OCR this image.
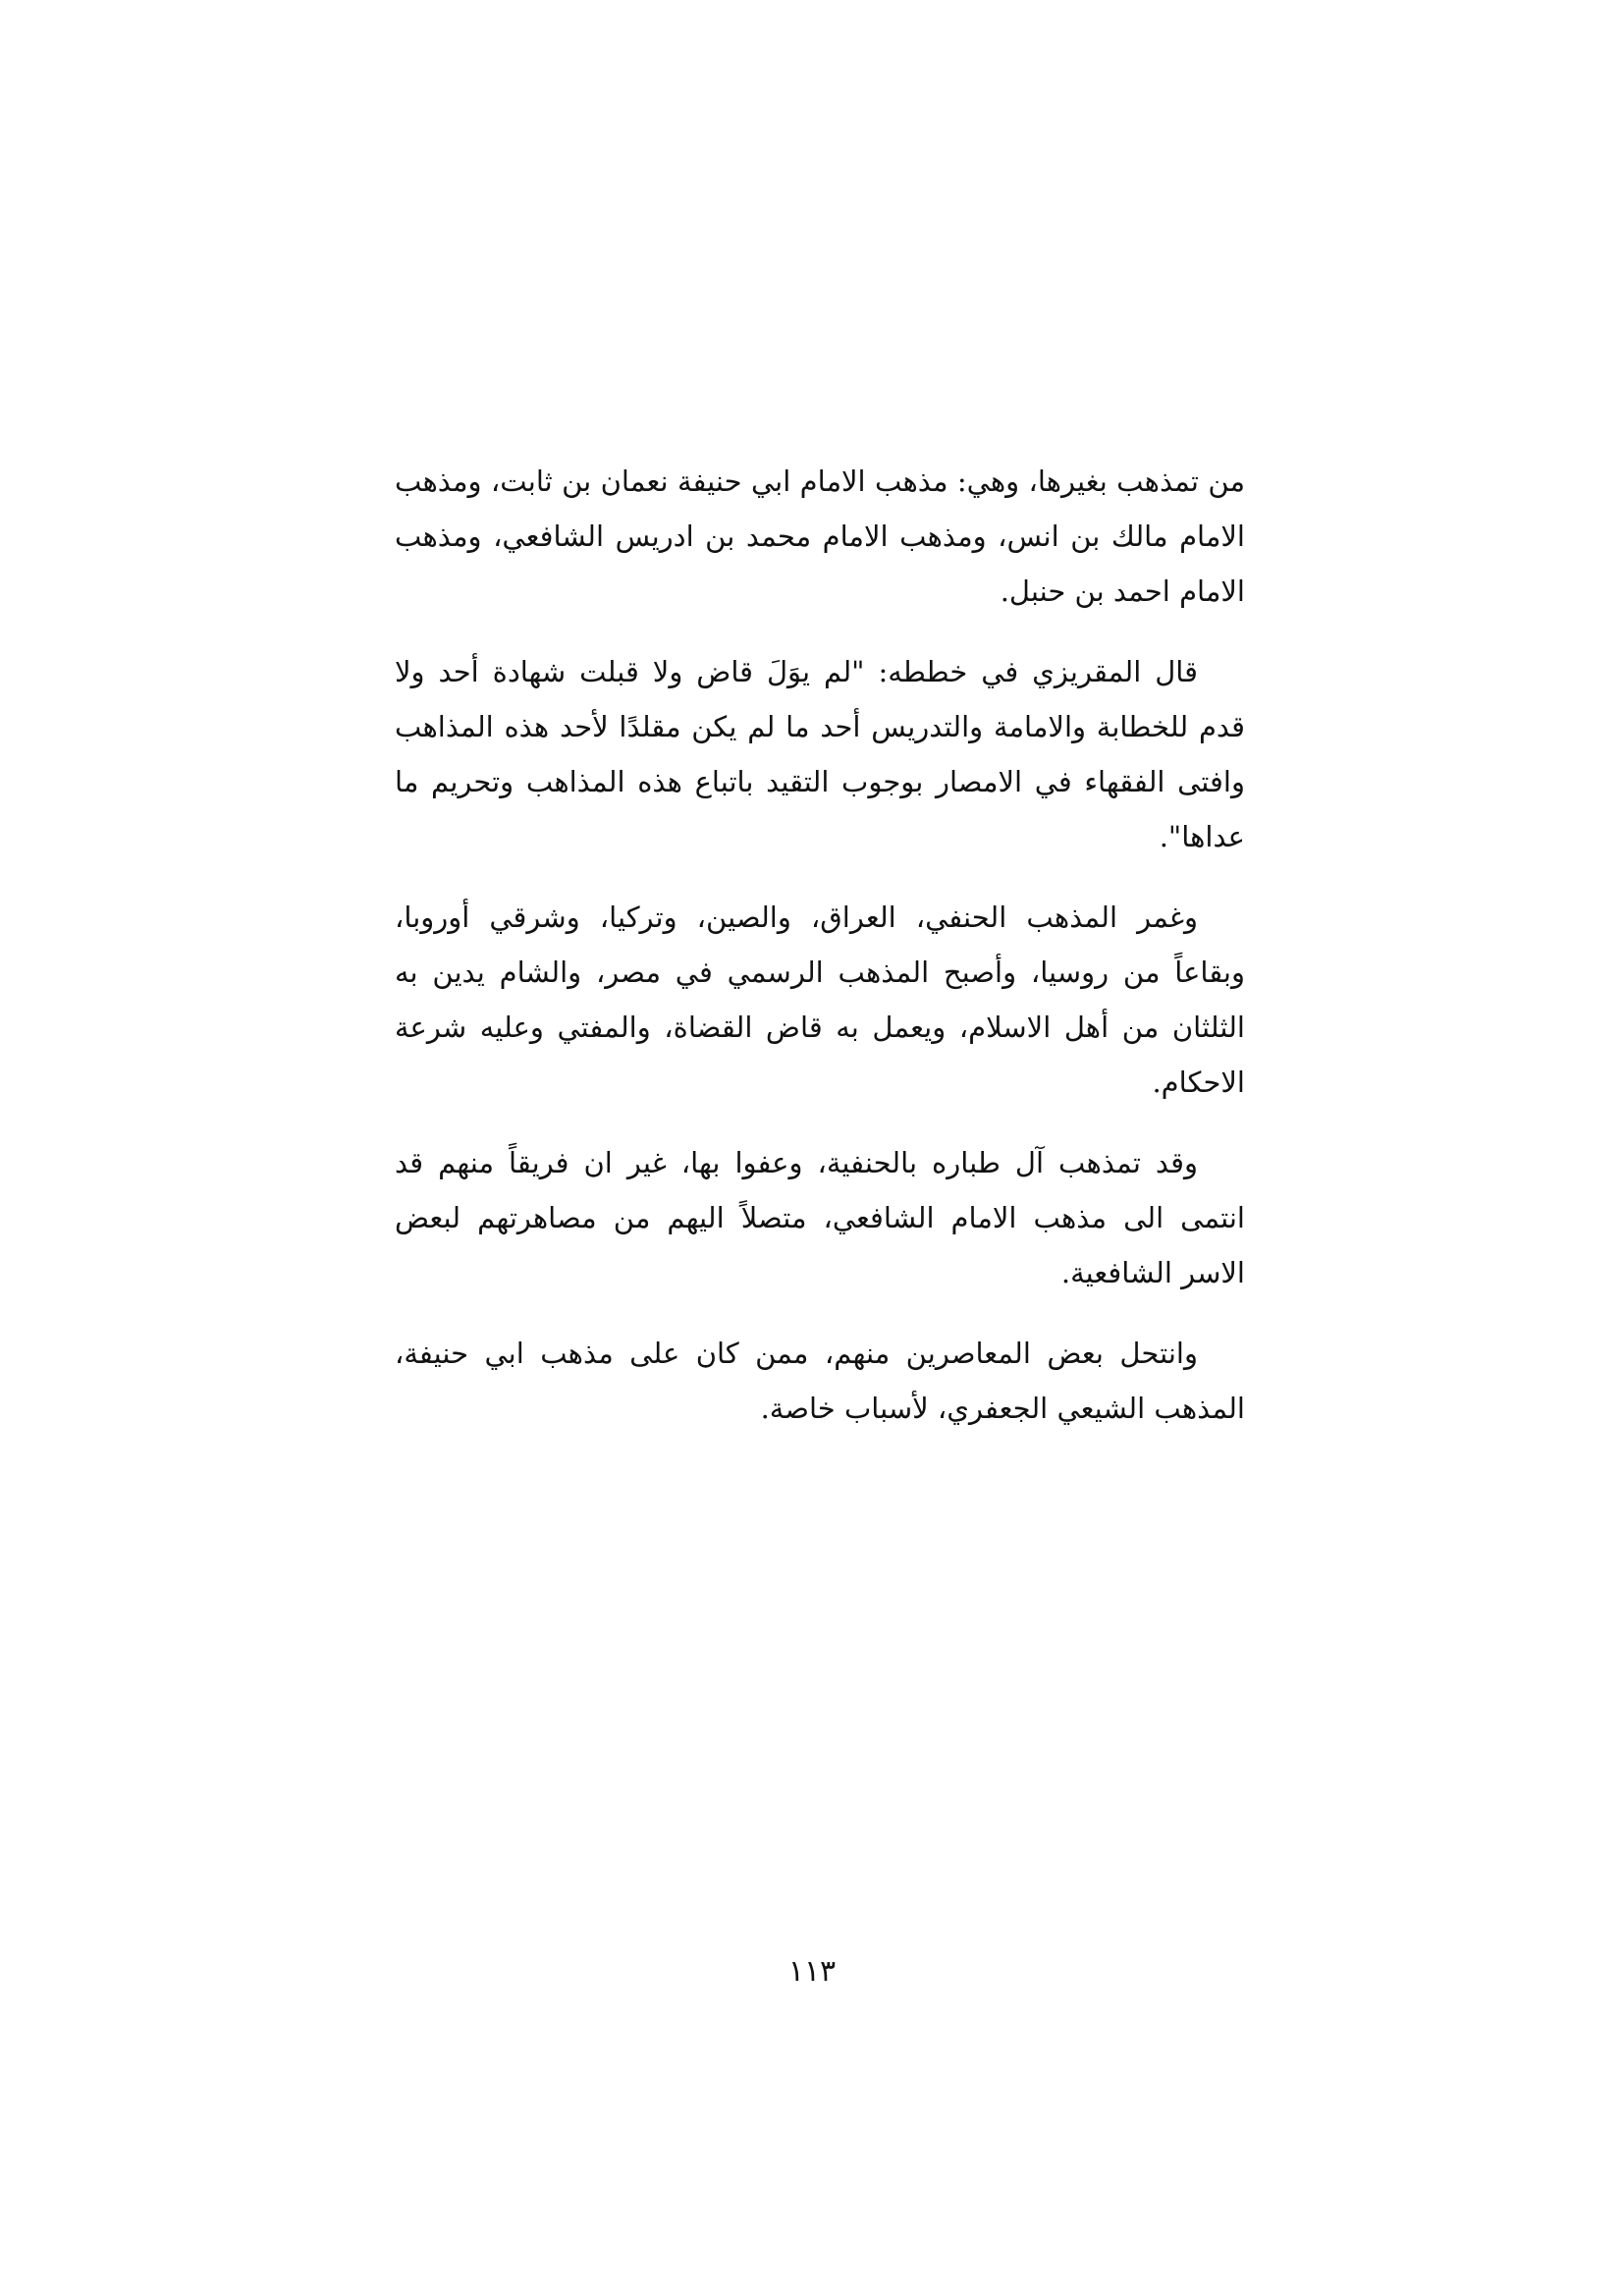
من تمذهب بغيرها، وهي: مذهب الامام ابي حنيفة نعمان بن ثابت، ومذهب الامام مالك بن انس، ومذهب الامام محمد بن ادريس الشافعي، ومذهب الامام احمد بن حنبل.

قال المقريزي في خططه: "لم يوَلَ قاض ولا قبلت شهادة أحد ولا قدم للخطابة والامامة والتدريس أحد ما لم يكن مقلدًا لأحد هذه المذاهب وافتى الفقهاء في الامصار بوجوب التقيد باتباع هذه المذاهب وتحريم ما عداها".

وغمر المذهب الحنفي، العراق، والصين، وتركيا، وشرقي أوروبا، وبقاعاً من روسيا، وأصبح المذهب الرسمي في مصر، والشام يدين به الثلثان من أهل الاسلام، ويعمل به قاض القضاة، والمفتي وعليه شرعة الاحكام.

وقد تمذهب آل طباره بالحنفية، وعفوا بها، غير ان فريقاً منهم قد انتمى الى مذهب الامام الشافعي، متصلاً اليهم من مصاهرتهم لبعض الاسر الشافعية.

وانتحل بعض المعاصرين منهم، ممن كان على مذهب ابي حنيفة، المذهب الشيعي الجعفري، لأسباب خاصة.

١١٣
